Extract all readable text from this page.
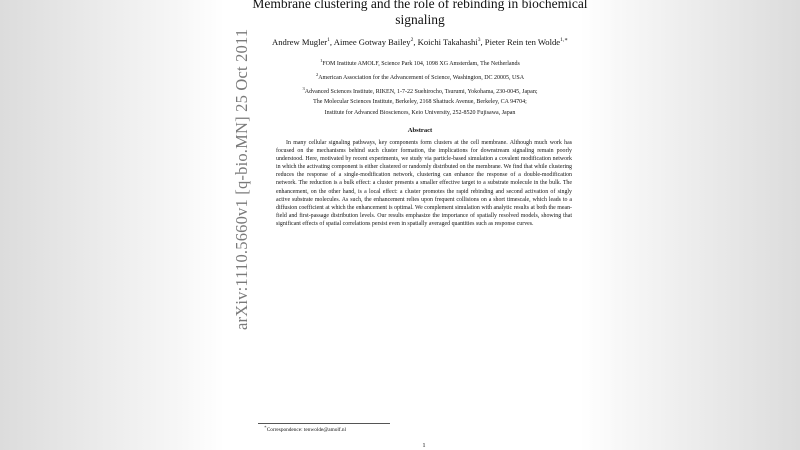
arXiv:1110.5660v1 [q-bio.MN] 25 Oct 2011
Membrane clustering and the role of rebinding in biochemical signaling
Andrew Mugler$^1$, Aimee Gotway Bailey$^2$, Koichi Takahashi$^3$, Pieter Rein ten Wolde$^{1,∗}$
$^1$FOM Institute AMOLF, Science Park 104, 1098 XG Amsterdam, The Netherlands
$^2$American Association for the Advancement of Science, Washington, DC 20005, USA
$^3$Advanced Sciences Institute, RIKEN, 1-7-22 Suehirocho, Tsurumi, Yokohama, 230-0045, Japan;
The Molecular Sciences Institute, Berkeley, 2168 Shattuck Avenue, Berkeley, CA 94704;
Institute for Advanced Biosciences, Keio University, 252-8520 Fujisawa, Japan
Abstract
In many cellular signaling pathways, key components form clusters at the cell membrane. Although much work has focused on the mechanisms behind such cluster formation, the implications for downstream signaling remain poorly understood. Here, motivated by recent experiments, we study via particle-based simulation a covalent modification network in which the activating component is either clustered or randomly distributed on the membrane. We find that while clustering reduces the response of a single-modification network, clustering can enhance the response of a double-modification network. The reduction is a bulk effect: a cluster presents a smaller effective target to a substrate molecule in the bulk. The enhancement, on the other hand, is a local effect: a cluster promotes the rapid rebinding and second activation of singly active substrate molecules. As such, the enhancement relies upon frequent collisions on a short timescale, which leads to a diffusion coefficient at which the enhancement is optimal. We complement simulation with analytic results at both the mean-field and first-passage distribution levels. Our results emphasize the importance of spatially resolved models, showing that significant effects of spatial correlations persist even in spatially averaged quantities such as response curves.
∗Correspondence: tenwolde@amolf.nl
1
